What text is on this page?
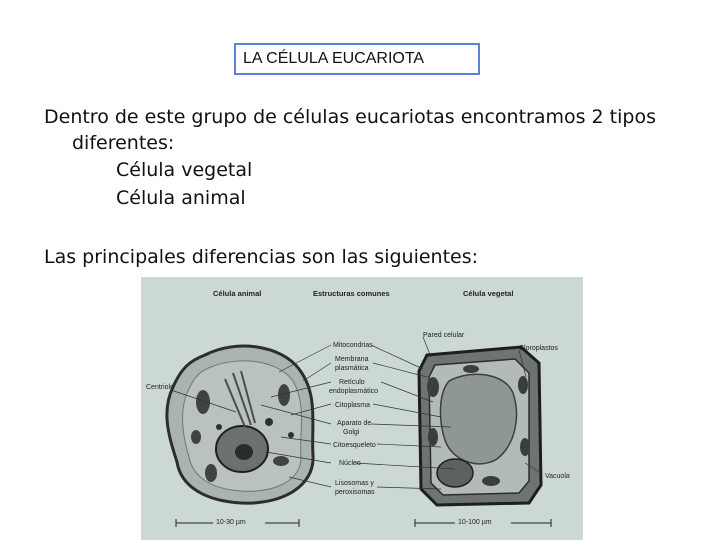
LA CÉLULA EUCARIOTA
Dentro de este grupo de células eucariotas encontramos 2 tipos
diferentes:
Célula vegetal
Célula animal
Las principales diferencias son las siguientes:
Célula animal	Estructuras comunes	Célula vegetal
Centriolo
Pared celular
Cloroplastos
Vacuola
Mitocondrias
Membrana
plasmática
Retículo
endoplasmático
Citoplasma
Aparato de
Golgi
Citoesqueleto
Núcleo
Lisosomas y
peroxisomas
10-30 µm	10-100 µm
